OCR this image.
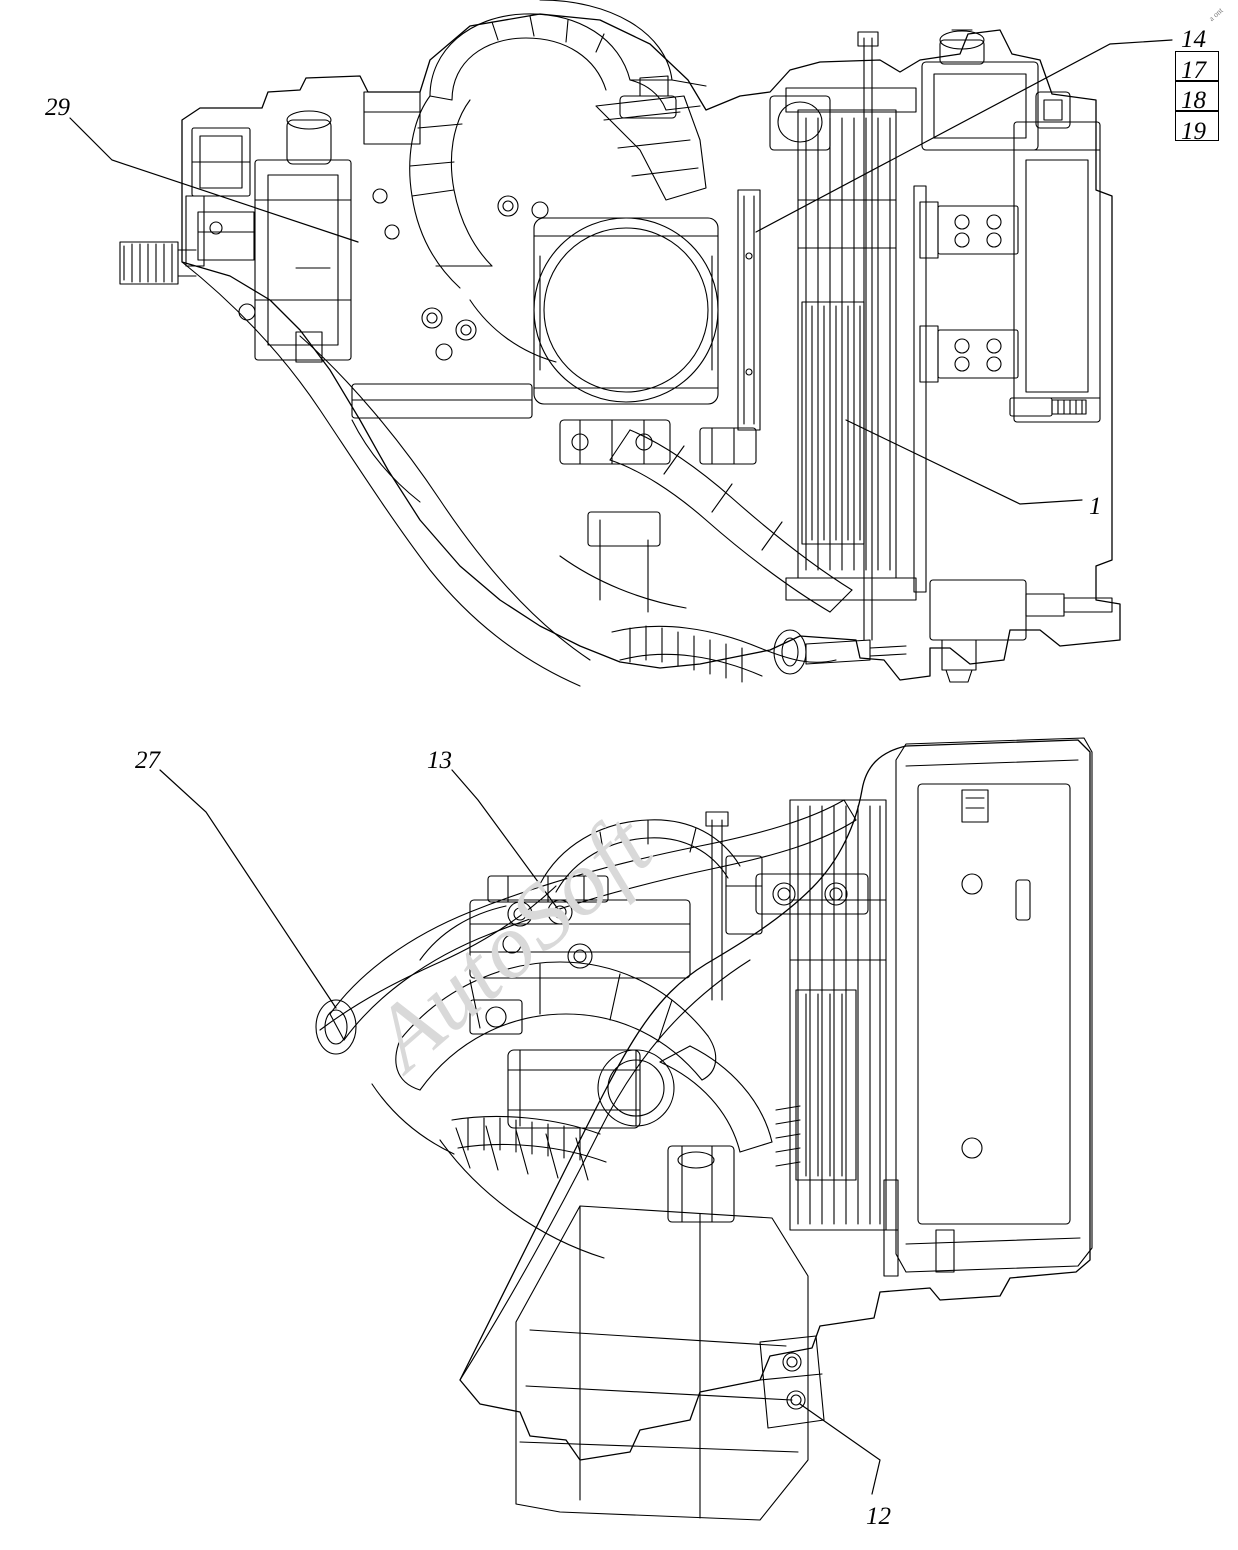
29
14
17
18
19
1
27	13
12
AutoSoft
a ont
